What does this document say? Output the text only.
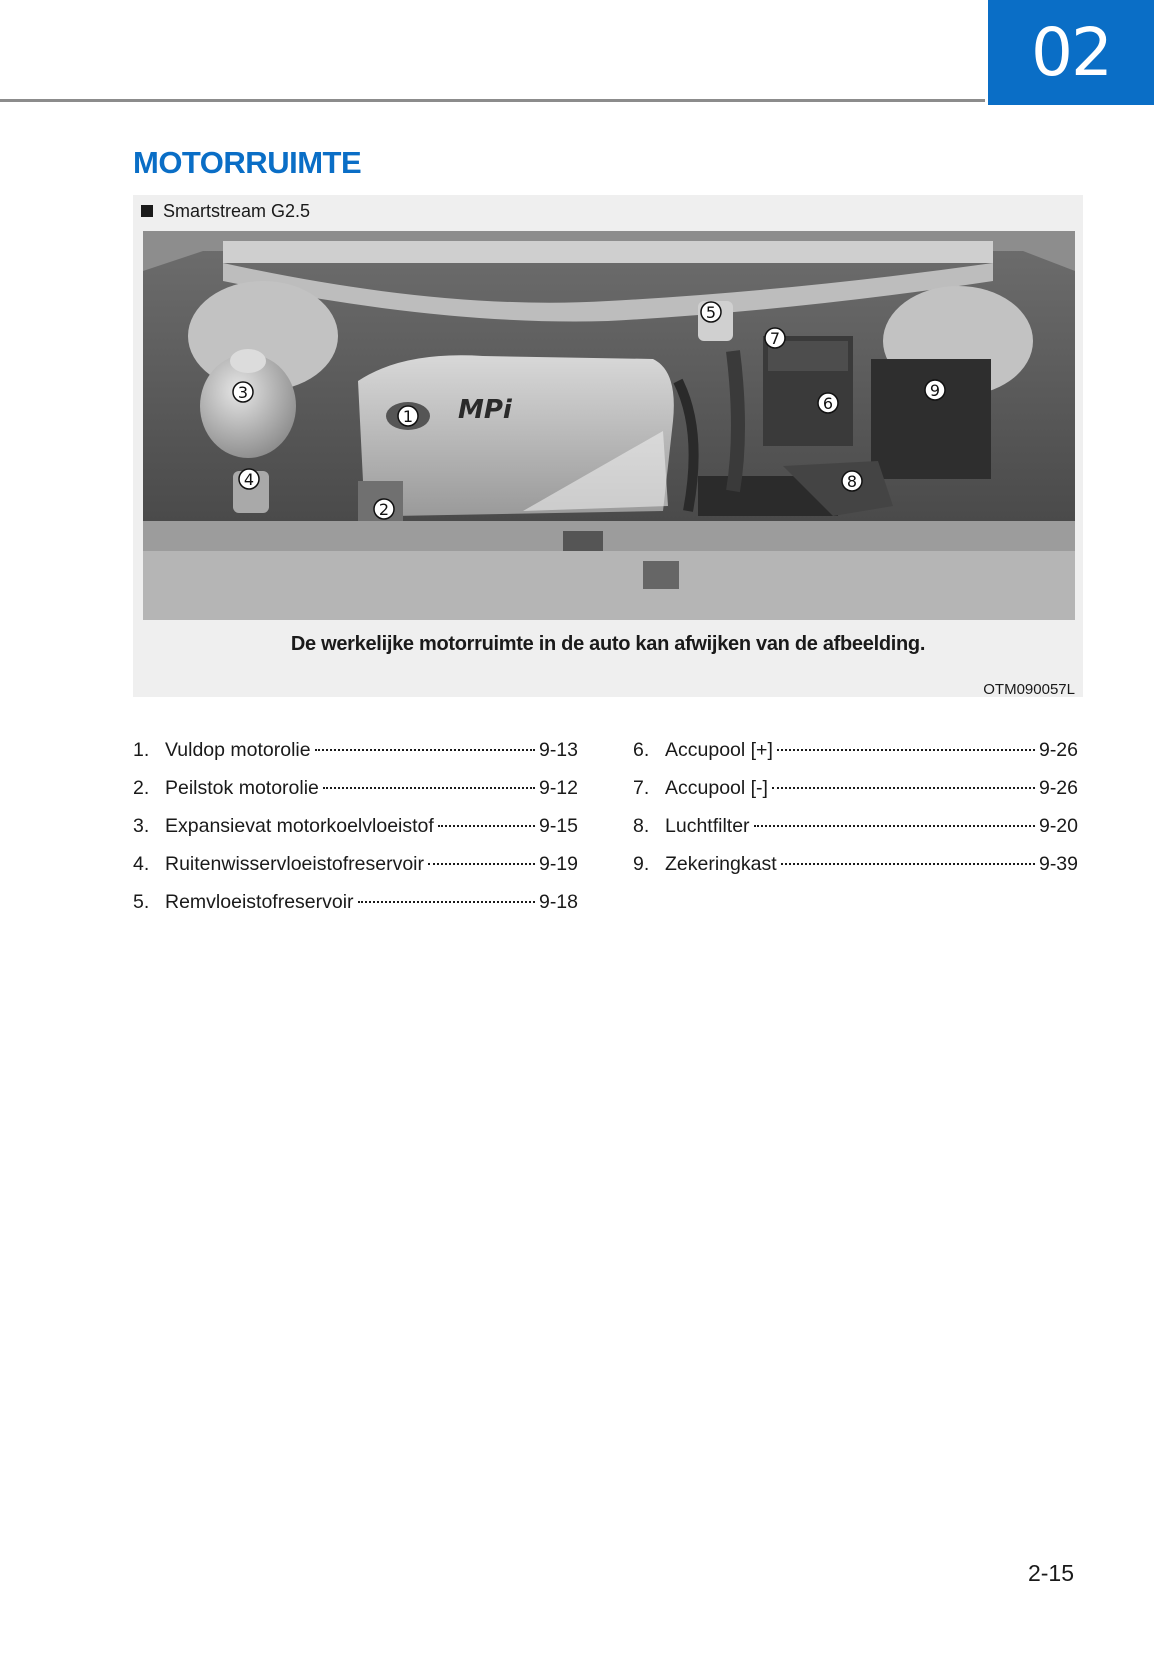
02
MOTORRUIMTE
Smartstream G2.5
MPi
1
2
3
4
5
6
7
8
9
De werkelijke motorruimte in de auto kan afwijken van de afbeelding.
OTM090057L
1. Vuldop motorolie	9-13
2. Peilstok motorolie	9-12
3. Expansievat motorkoelvloeistof	9-15
4. Ruitenwisservloeistofreservoir	9-19
5. Remvloeistofreservoir	9-18
6. Accupool [+]	9-26
7. Accupool [-]	9-26
8. Luchtfilter	9-20
9. Zekeringkast	9-39
2-15
